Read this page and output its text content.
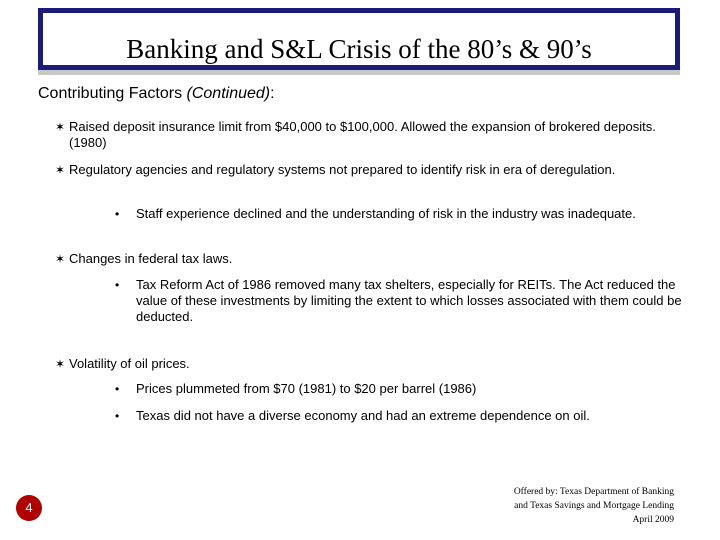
Banking and S&L Crisis of the 80’s & 90’s
Contributing Factors (Continued):
✶ Raised deposit insurance limit from $40,000 to $100,000. Allowed the expansion of brokered deposits. (1980)
✶ Regulatory agencies and regulatory systems not prepared to identify risk in era of deregulation.
•	Staff experience declined and the understanding of risk in the industry was inadequate.
✶ Changes in federal tax laws.
•	Tax Reform Act of 1986 removed many tax shelters, especially for REITs. The Act reduced the value of these investments by limiting the extent to which losses associated with them could be deducted.
✶ Volatility of oil prices.
•	Prices plummeted from $70 (1981) to $20 per barrel (1986)
•	Texas did not have a diverse economy and had an extreme dependence on oil.
4
Offered by: Texas Department of Banking
and Texas Savings and Mortgage Lending
April 2009
